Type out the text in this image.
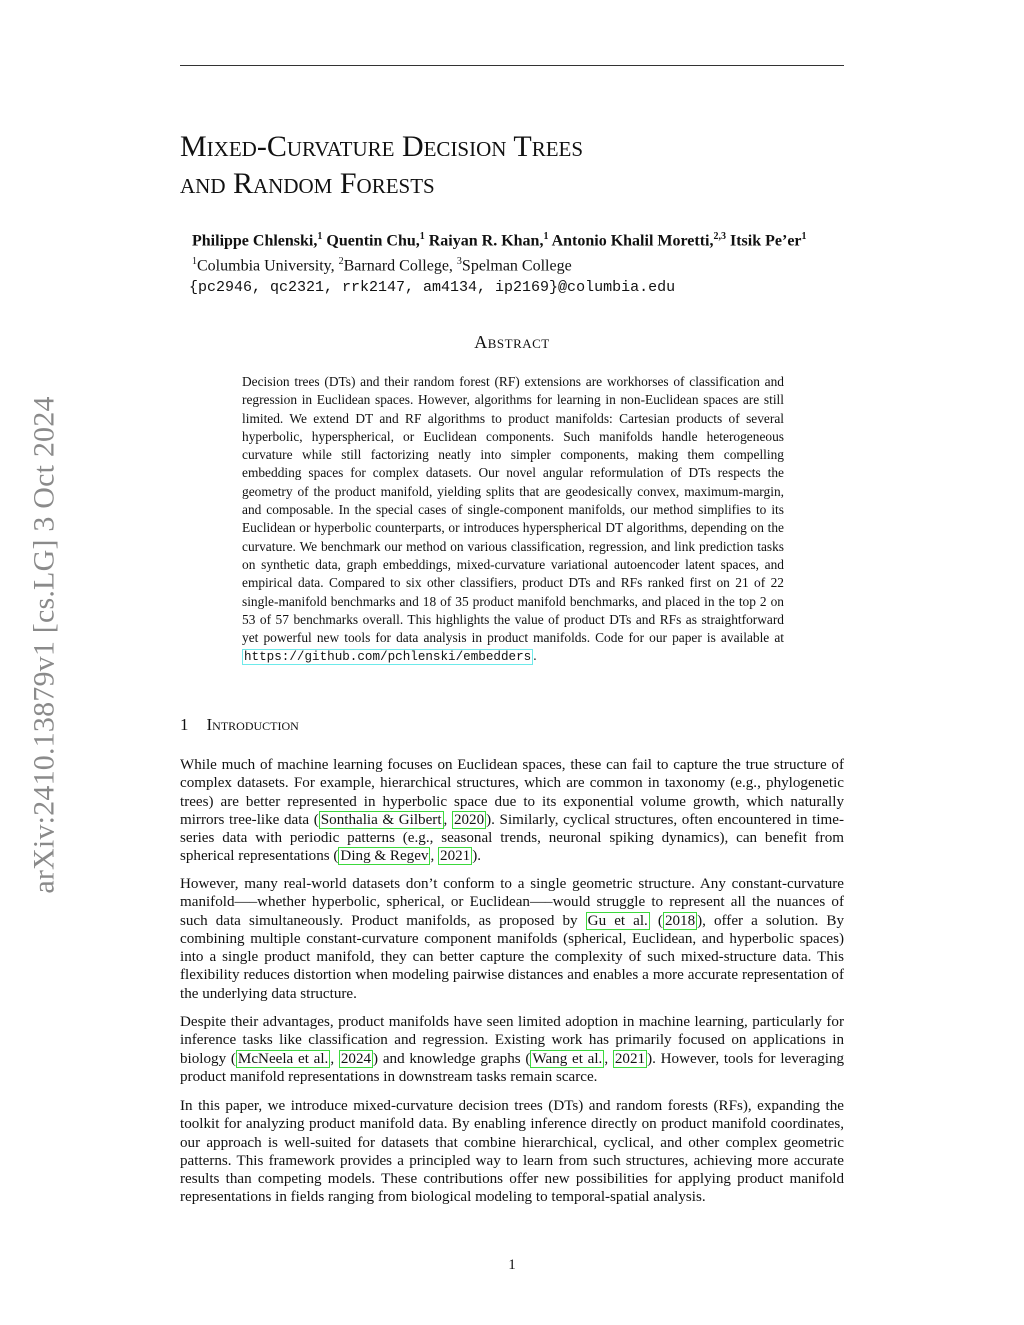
arXiv:2410.13879v1 [cs.LG] 3 Oct 2024
Mixed-Curvature Decision Trees
and Random Forests
Philippe Chlenski,$^1$ Quentin Chu,$^1$ Raiyan R. Khan,$^1$ Antonio Khalil Moretti,$^{2,3}$ Itsik $Pe’er^1$
$^1$Columbia University, $^2$Barnard College, $^3$Spelman College
{pc2946, qc2321, rrk2147, am4134, ip2169}@columbia.edu
Abstract

Decision trees (DTs) and their random forest (RF) extensions are workhorses of classification and regression in Euclidean spaces. However, algorithms for learning in non-Euclidean spaces are still limited. We extend DT and RF algorithms to product manifolds: Cartesian products of several hyperbolic, hyperspherical, or Euclidean components. Such manifolds handle heterogeneous curvature while still factorizing neatly into simpler components, making them compelling embedding spaces for complex datasets. Our novel angular reformulation of DTs respects the geometry of the product manifold, yielding splits that are geodesically convex, maximum-margin, and composable. In the special cases of single-component manifolds, our method simplifies to its Euclidean or hyperbolic counterparts, or introduces hyperspherical DT algorithms, depending on the curvature. We benchmark our method on various classification, regression, and link prediction tasks on synthetic data, graph embeddings, mixed-curvature variational autoencoder latent spaces, and empirical data. Compared to six other classifiers, product DTs and RFs ranked first on 21 of 22 single-manifold benchmarks and 18 of 35 product manifold benchmarks, and placed in the top 2 on 53 of 57 benchmarks overall. This highlights the value of product DTs and RFs as straightforward yet powerful new tools for data analysis in product manifolds. Code for our paper is available at https://github.com/pchlenski/embedders .

1 Introduction

While much of machine learning focuses on Euclidean spaces, these can fail to capture the true structure of complex datasets. For example, hierarchical structures, which are common in taxonomy (e.g., phylogenetic trees) are better represented in hyperbolic space due to its exponential volume growth, which naturally mirrors tree-like data ( Sonthalia & Gilbert , 2020 ). Similarly, cyclical structures, often encountered in time-series data with periodic patterns (e.g., seasonal trends, neuronal spiking dynamics), can benefit from spherical representations ( Ding & Regev , 2021 ).

However, many real-world datasets don’t conform to a single geometric structure. Any constant-curvature manifold—–whether hyperbolic, spherical, or Euclidean—–would struggle to represent all the nuances of such data simultaneously. Product manifolds, as proposed by Gu et al. ( 2018 ), offer a solution. By combining multiple constant-curvature component manifolds (spherical, Euclidean, and hyperbolic spaces) into a single product manifold, they can better capture the complexity of such mixed-structure data. This flexibility reduces distortion when modeling pairwise distances and enables a more accurate representation of the underlying data structure.

Despite their advantages, product manifolds have seen limited adoption in machine learning, particularly for inference tasks like classification and regression. Existing work has primarily focused on applications in biology ( McNeela et al. , 2024 ) and knowledge graphs ( Wang et al. , 2021 ). However, tools for leveraging product manifold representations in downstream tasks remain scarce.

In this paper, we introduce mixed-curvature decision trees (DTs) and random forests (RFs), expanding the toolkit for analyzing product manifold data. By enabling inference directly on product manifold coordinates, our approach is well-suited for datasets that combine hierarchical, cyclical, and other complex geometric patterns. This framework provides a principled way to learn from such structures, achieving more accurate results than competing models. These contributions offer new possibilities for applying product manifold representations in fields ranging from biological modeling to temporal-spatial analysis.

1
